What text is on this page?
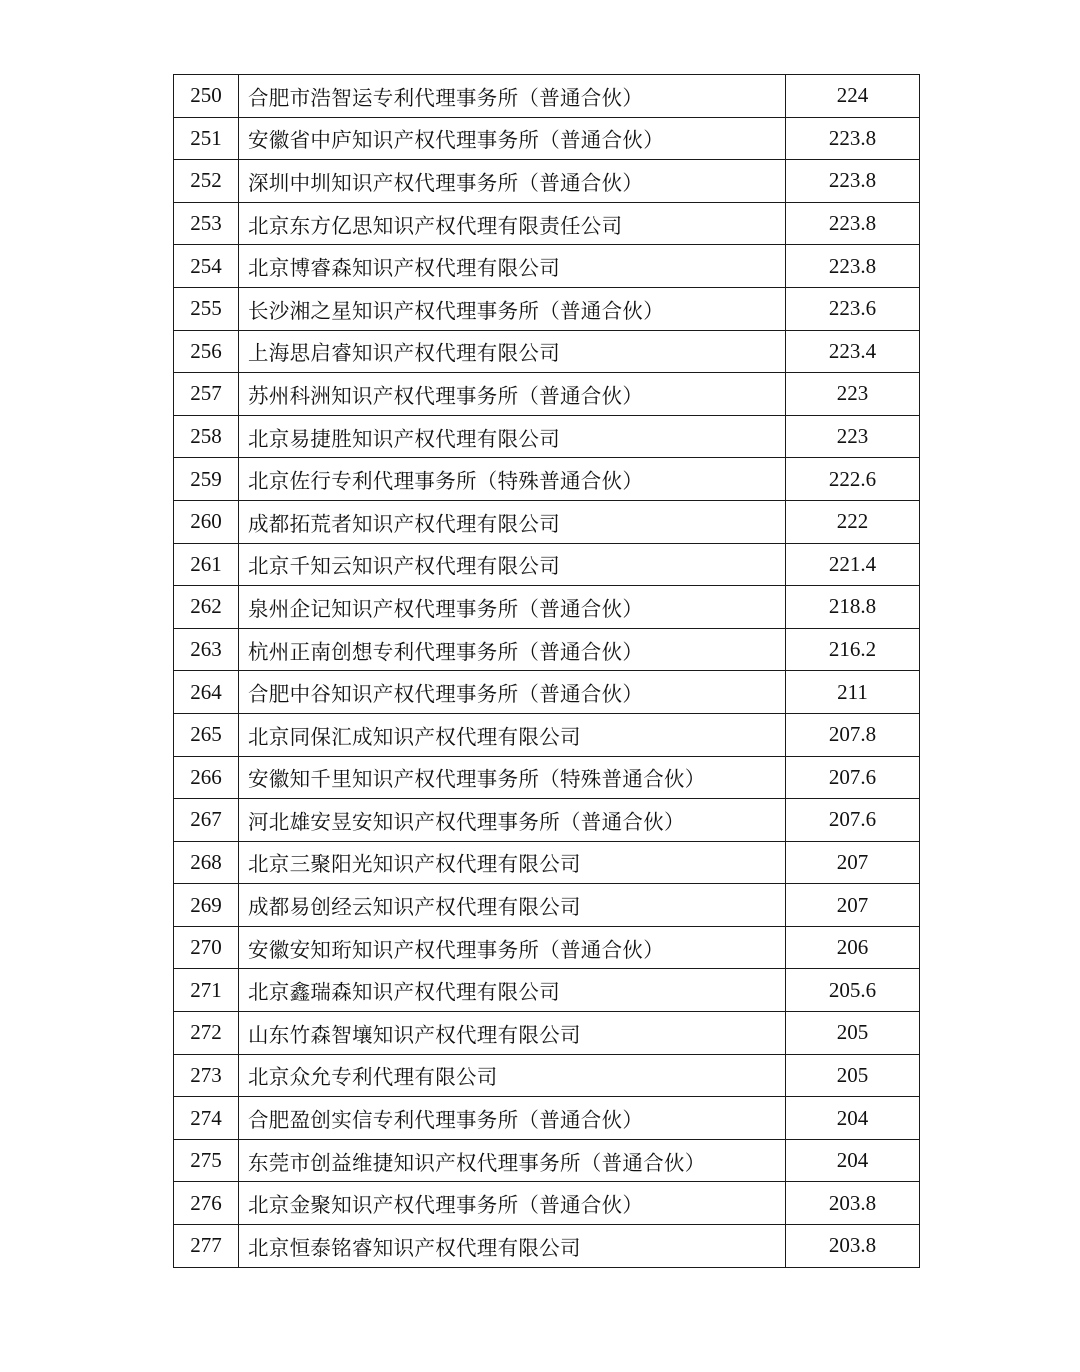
250	合肥市浩智运专利代理事务所（普通合伙）	224
251	安徽省中庐知识产权代理事务所（普通合伙）	223.8
252	深圳中圳知识产权代理事务所（普通合伙）	223.8
253	北京东方亿思知识产权代理有限责任公司	223.8
254	北京博睿森知识产权代理有限公司	223.8
255	长沙湘之星知识产权代理事务所（普通合伙）	223.6
256	上海思启睿知识产权代理有限公司	223.4
257	苏州科洲知识产权代理事务所（普通合伙）	223
258	北京易捷胜知识产权代理有限公司	223
259	北京佐行专利代理事务所（特殊普通合伙）	222.6
260	成都拓荒者知识产权代理有限公司	222
261	北京千知云知识产权代理有限公司	221.4
262	泉州企记知识产权代理事务所（普通合伙）	218.8
263	杭州正南创想专利代理事务所（普通合伙）	216.2
264	合肥中谷知识产权代理事务所（普通合伙）	211
265	北京同保汇成知识产权代理有限公司	207.8
266	安徽知千里知识产权代理事务所（特殊普通合伙）	207.6
267	河北雄安昱安知识产权代理事务所（普通合伙）	207.6
268	北京三聚阳光知识产权代理有限公司	207
269	成都易创经云知识产权代理有限公司	207
270	安徽安知珩知识产权代理事务所（普通合伙）	206
271	北京鑫瑞森知识产权代理有限公司	205.6
272	山东竹森智壤知识产权代理有限公司	205
273	北京众允专利代理有限公司	205
274	合肥盈创实信专利代理事务所（普通合伙）	204
275	东莞市创益维捷知识产权代理事务所（普通合伙）	204
276	北京金聚知识产权代理事务所（普通合伙）	203.8
277	北京恒泰铭睿知识产权代理有限公司	203.8
